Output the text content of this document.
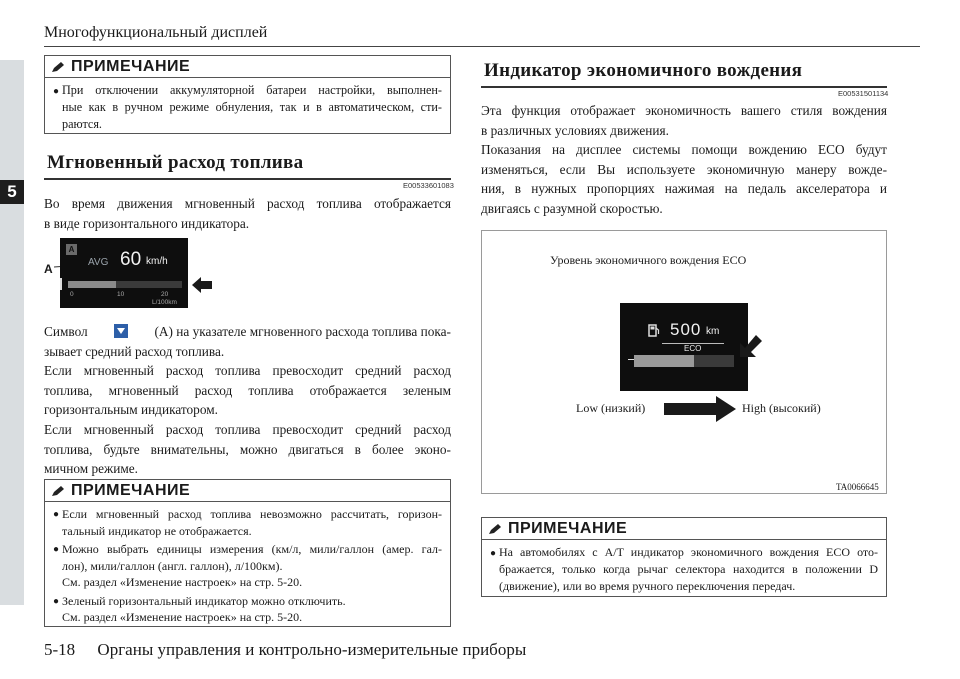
5
Многофункциональный дисплей
ПРИМЕЧАНИЕ
● При отключении аккумуляторной батареи настройки, выполнен-
ные как в ручном режиме обнуления, так и в автоматическом, сти-
раются.
Мгновенный расход топлива
E00533601083
Во время движения мгновенный расход топлива отображается
в виде горизонтального индикатора.
A
A
AVG 60 km/h
0	10	20
L/100km
Символ	(A) на указателе мгновенного расхода топлива пока-
зывает средний расход топлива.
Если мгновенный расход топлива превосходит средний расход
топлива, мгновенный расход топлива отображается зеленым
горизонтальным индикатором.
Если мгновенный расход топлива превосходит средний расход
топлива, будьте внимательны, можно двигаться в более эконо-
мичном режиме.
ПРИМЕЧАНИЕ
● Если мгновенный расход топлива невозможно рассчитать, горизон-
тальный индикатор не отображается.
● Можно выбрать единицы измерения (км/л, мили/галлон (амер. гал-
лон), мили/галлон (англ. галлон), л/100км).
См. раздел «Изменение настроек» на стр. 5-20.
● Зеленый горизонтальный индикатор можно отключить.
См. раздел «Изменение настроек» на стр. 5-20.
Индикатор экономичного вождения
E00531501134
Эта функция отображает экономичность вашего стиля вождения
в различных условиях движения.
Показания на дисплее системы помощи вождению ECO будут
изменяться, если Вы используете экономичную манеру вожде-
ния, в нужных пропорциях нажимая на педаль акселератора и
двигаясь с разумной скоростью.
Уровень экономичного вождения ECO
500 km
ECO
Low (низкий)	High (высокий)
TA0066645
ПРИМЕЧАНИЕ
● На автомобилях с A/T индикатор экономичного вождения ECO ото-
бражается, только когда рычаг селектора находится в положении D
(движение), или во время ручного переключения передач.
5-18 Органы управления и контрольно-измерительные приборы
